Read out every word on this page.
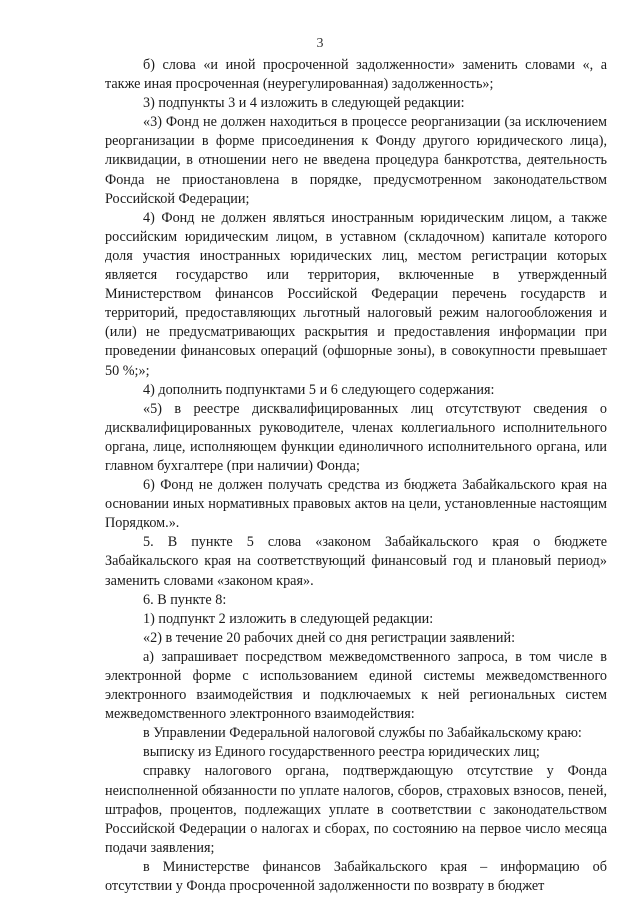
3

б) слова «и иной просроченной задолженности» заменить словами «, а также иная просроченная (неурегулированная) задолженность»;

3) подпункты 3 и 4 изложить в следующей редакции:

«3) Фонд не должен находиться в процессе реорганизации (за исключением реорганизации в форме присоединения к Фонду другого юридического лица), ликвидации, в отношении него не введена процедура банкротства, деятельность Фонда не приостановлена в порядке, предусмотренном законодательством Российской Федерации;

4) Фонд не должен являться иностранным юридическим лицом, а также российским юридическим лицом, в уставном (складочном) капитале которого доля участия иностранных юридических лиц, местом регистрации которых является государство или территория, включенные в утвержденный Министерством финансов Российской Федерации перечень государств и территорий, предоставляющих льготный налоговый режим налогообложения и (или) не предусматривающих раскрытия и предоставления информации при проведении финансовых операций (офшорные зоны), в совокупности превышает 50 %;»;

4) дополнить подпунктами 5 и 6 следующего содержания:

«5) в реестре дисквалифицированных лиц отсутствуют сведения о дисквалифицированных руководителе, членах коллегиального исполнительного органа, лице, исполняющем функции единоличного исполнительного органа, или главном бухгалтере (при наличии) Фонда;

6) Фонд не должен получать средства из бюджета Забайкальского края на основании иных нормативных правовых актов на цели, установленные настоящим Порядком.».

5. В пункте 5 слова «законом Забайкальского края о бюджете Забайкальского края на соответствующий финансовый год и плановый период» заменить словами «законом края».

6. В пункте 8:

1) подпункт 2 изложить в следующей редакции:

«2) в течение 20 рабочих дней со дня регистрации заявлений:

а) запрашивает посредством межведомственного запроса, в том числе в электронной форме с использованием единой системы межведомственного электронного взаимодействия и подключаемых к ней региональных систем межведомственного электронного взаимодействия:

в Управлении Федеральной налоговой службы по Забайкальскому краю:

выписку из Единого государственного реестра юридических лиц;

справку налогового органа, подтверждающую отсутствие у Фонда неисполненной обязанности по уплате налогов, сборов, страховых взносов, пеней, штрафов, процентов, подлежащих уплате в соответствии с законодательством Российской Федерации о налогах и сборах, по состоянию на первое число месяца подачи заявления;

в Министерстве финансов Забайкальского края – информацию об отсутствии у Фонда просроченной задолженности по возврату в бюджет
